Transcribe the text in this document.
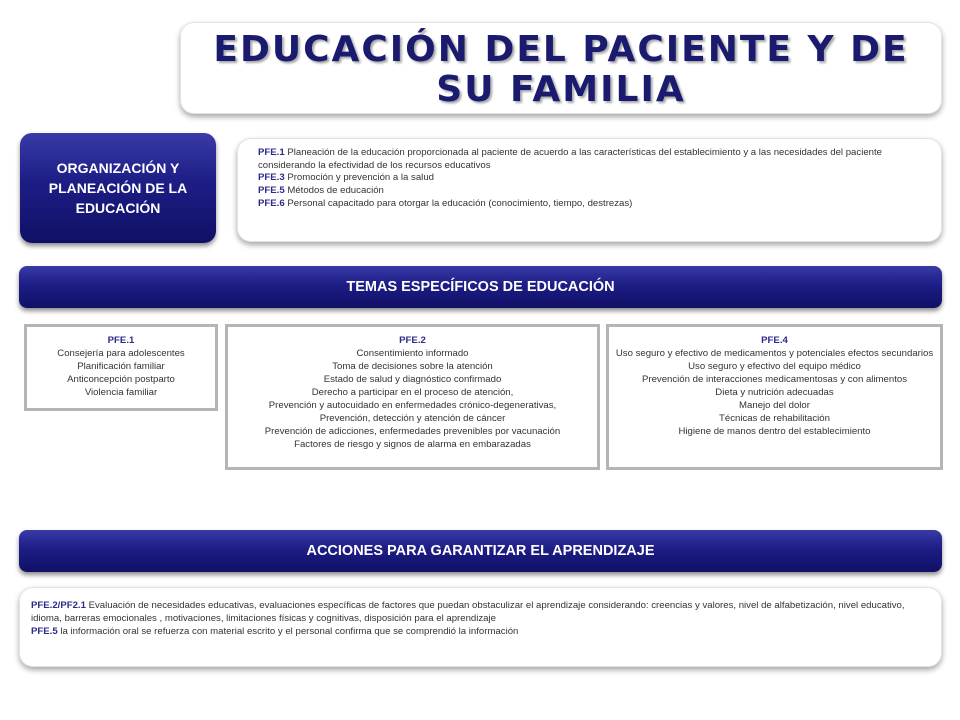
EDUCACIÓN DEL PACIENTE Y DE SU FAMILIA
ORGANIZACIÓN Y PLANEACIÓN DE LA EDUCACIÓN
PFE.1 Planeación de la educación proporcionada al paciente de acuerdo a las características del establecimiento y a las necesidades del paciente considerando la efectividad de los recursos educativos
PFE.3 Promoción y prevención a la salud
PFE.5 Métodos de educación
PFE.6 Personal capacitado para otorgar la educación (conocimiento, tiempo, destrezas)
TEMAS ESPECÍFICOS DE EDUCACIÓN
PFE.1
Consejería para adolescentes
Planificación familiar
Anticoncepción postparto
Violencia familiar
PFE.2
Consentimiento informado
Toma de decisiones sobre la atención
Estado de salud y diagnóstico confirmado
Derecho a participar en el proceso de atención,
Prevención y autocuidado en enfermedades crónico-degenerativas,
Prevención, detección y atención de cáncer
Prevención de adicciones, enfermedades prevenibles por vacunación
Factores de riesgo y signos de alarma en embarazadas
PFE.4
Uso seguro y efectivo de medicamentos y potenciales efectos secundarios
Uso seguro y efectivo del equipo médico
Prevención de interacciones medicamentosas y con alimentos
Dieta y nutrición adecuadas
Manejo del dolor
Técnicas de rehabilitación
Higiene de manos dentro del establecimiento
ACCIONES PARA GARANTIZAR EL APRENDIZAJE
PFE.2/PF2.1 Evaluación de necesidades educativas, evaluaciones específicas de factores que puedan obstaculizar el aprendizaje considerando: creencias y valores, nivel de alfabetización, nivel educativo, idioma, barreras emocionales , motivaciones, limitaciones físicas y cognitivas, disposición para el aprendizaje
PFE.5 la información oral se refuerza con material escrito y el personal confirma que se comprendió la información
